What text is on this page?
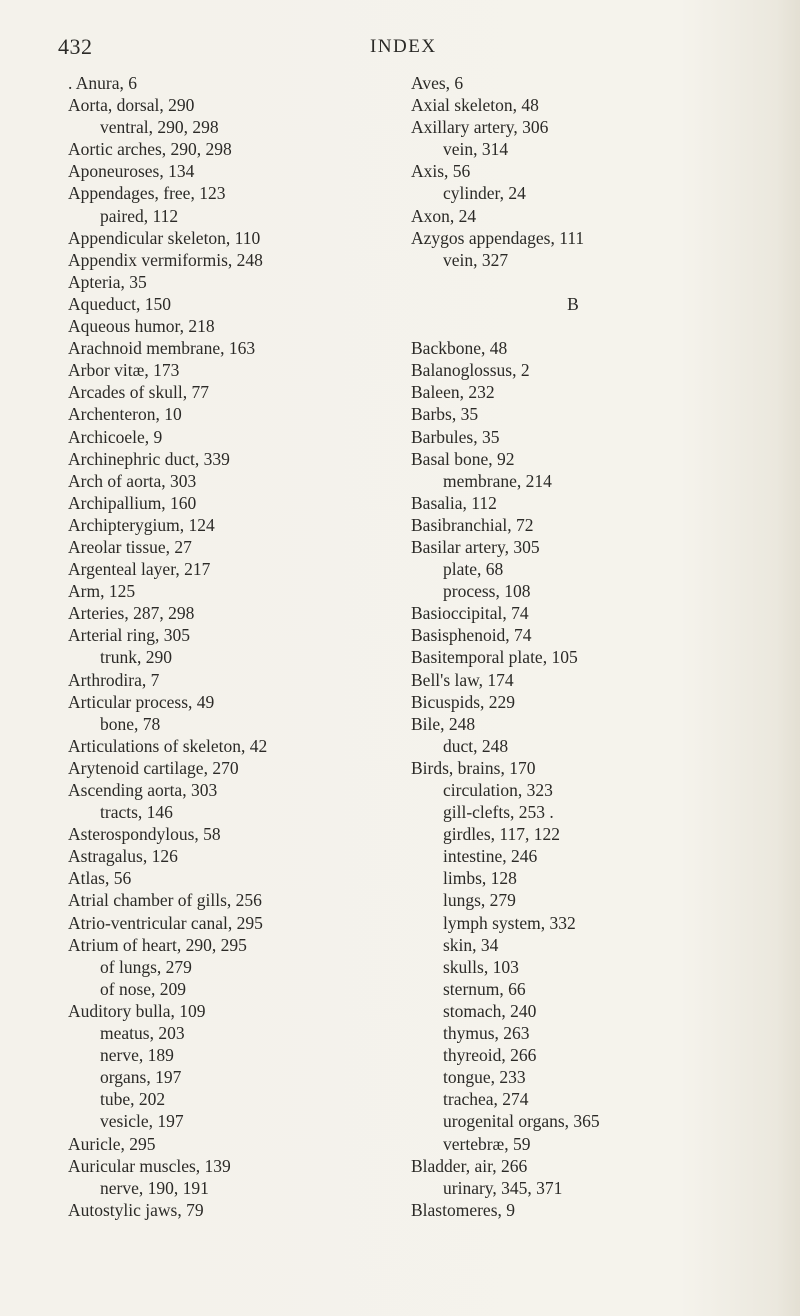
432	INDEX
. Anura, 6
Aorta, dorsal, 290
ventral, 290, 298
Aortic arches, 290, 298
Aponeuroses, 134
Appendages, free, 123
paired, 112
Appendicular skeleton, 110
Appendix vermiformis, 248
Apteria, 35
Aqueduct, 150
Aqueous humor, 218
Arachnoid membrane, 163
Arbor vitæ, 173
Arcades of skull, 77
Archenteron, 10
Archicoele, 9
Archinephric duct, 339
Arch of aorta, 303
Archipallium, 160
Archipterygium, 124
Areolar tissue, 27
Argenteal layer, 217
Arm, 125
Arteries, 287, 298
Arterial ring, 305
trunk, 290
Arthrodira, 7
Articular process, 49
bone, 78
Articulations of skeleton, 42
Arytenoid cartilage, 270
Ascending aorta, 303
tracts, 146
Asterospondylous, 58
Astragalus, 126
Atlas, 56
Atrial chamber of gills, 256
Atrio-ventricular canal, 295
Atrium of heart, 290, 295
of lungs, 279
of nose, 209
Auditory bulla, 109
meatus, 203
nerve, 189
organs, 197
tube, 202
vesicle, 197
Auricle, 295
Auricular muscles, 139
nerve, 190, 191
Autostylic jaws, 79
Aves, 6
Axial skeleton, 48
Axillary artery, 306
vein, 314
Axis, 56
cylinder, 24
Axon, 24
Azygos appendages, 111
vein, 327
B
Backbone, 48
Balanoglossus, 2
Baleen, 232
Barbs, 35
Barbules, 35
Basal bone, 92
membrane, 214
Basalia, 112
Basibranchial, 72
Basilar artery, 305
plate, 68
process, 108
Basioccipital, 74
Basisphenoid, 74
Basitemporal plate, 105
Bell's law, 174
Bicuspids, 229
Bile, 248
duct, 248
Birds, brains, 170
circulation, 323
gill-clefts, 253 .
girdles, 117, 122
intestine, 246
limbs, 128
lungs, 279
lymph system, 332
skin, 34
skulls, 103
sternum, 66
stomach, 240
thymus, 263
thyreoid, 266
tongue, 233
trachea, 274
urogenital organs, 365
vertebræ, 59
Bladder, air, 266
urinary, 345, 371
Blastomeres, 9
